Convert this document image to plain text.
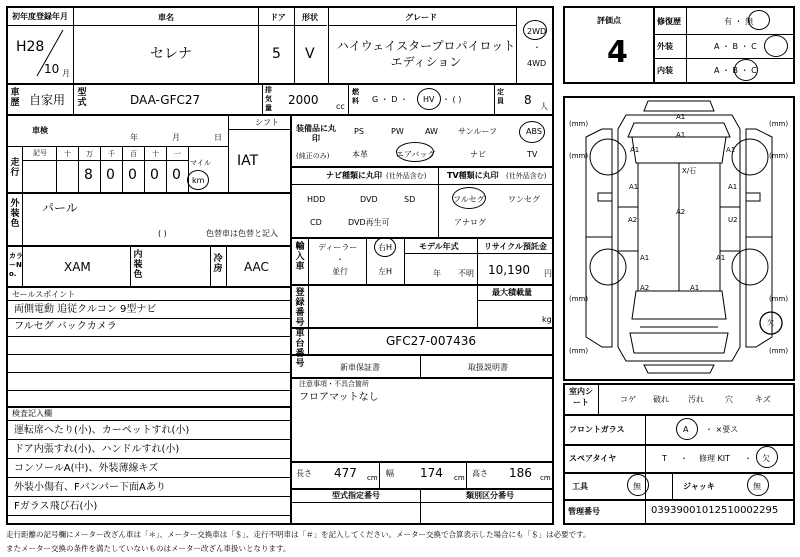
初年度登録年月
H28
10 月
車名
セレナ
ドア
5
形状
V
グレード
ハイウェイスタープロパイロットエディション
2WD
・
4WD
車歴 自家用 型式	DAA-GFC27
排気量
2000 cc
燃料	G ・ D ・ HV ・ ( )
定員 8 人
車検
年	月	日
シフト
IAT
走行
記号 十 万 千 百 十 一
8 0 0 0 0
マイル
km
外装色
パール
( )	色替車は色替と記入
カラーNo.	XAM
内装色
冷房 AAC
セールスポイント
両側電動 追従クルコン 9型ナビ
フルセグ バックカメラ
検査記入欄
運転席へたり(小)、カーペットすれ(小)
ドア内張すれ(小)、ハンドルすれ(小)
コンソールA(中)、外装薄線キズ
外装小傷有、Fバンパー下面Aあり
Fガラス飛び石(小)
装備品に丸印
(純正のみ)
PS	PW	AW	サンルーフ	ABS
本革	エアバッグ	ナビ	TV
ナビ種類に丸印 (社外品含む)	TV種類に丸印 (社外品含む)
HDD	DVD	SD
CD	DVD再生可
フルセグ	ワンセグ
アナログ
輸入車
ディーラー
・
並行
右H
左H
モデル年式
年 不明
リサイクル預託金
10,190 円
登録番号
最大積載量
kg
車台番号
GFC27-007436
新車保証書	取扱説明書
注意事項・不具合箇所
フロアマットなし
長さ 477 cm 幅 174 cm 高さ 186 cm
型式指定番号	類別区分番号
評価点
4
修復歴	有 ・ 無
外装	A ・ B ・ C
内装	A ・ B ・ C
(mm)	(mm)
(mm)	(mm)
(mm)	(mm)
(mm)	(mm)
A1
A1	A1
A1
A2
A2
U2
A1
A1
A1	A1
A2	A1
X/石
欠
室内シート	コゲ 破れ 汚れ	穴	キズ
フロントガラス	A ・ ×要ス
スペアタイヤ	T ・ 修理 KIT ・ 欠
工具	無	ジャッキ	無
管理番号	03939001012510002295
走行距離の記号欄にメーター改ざん車は「＊」、メーター交換車は「＄」、走行不明車は「＃」を記入してください。メーター交換で合算表示した場合にも「＄」は必要です。
またメーター交換の条件を満たしていないものはメーター改ざん車扱いとなります。
